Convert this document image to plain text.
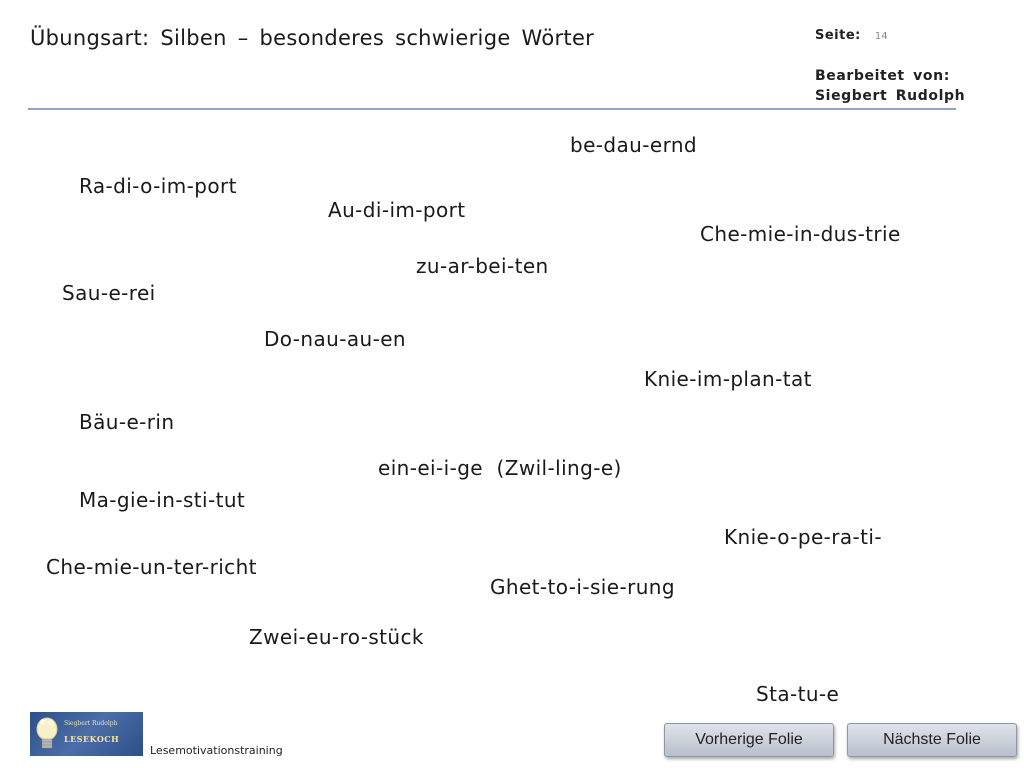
Übungsart: Silben – besonderes schwierige Wörter	Seite: 14
Bearbeitet von:
Siegbert Rudolph
be-dau-ernd
Ra-di-o-im-port
Au-di-im-port
Che-mie-in-dus-trie
zu-ar-bei-ten
Sau-e-rei
Do-nau-au-en
Knie-im-plan-tat
Bäu-e-rin
ein-ei-i-ge  (Zwil-ling-e)
Ma-gie-in-sti-tut
Knie-o-pe-ra-ti-
Che-mie-un-ter-richt
Ghet-to-i-sie-rung
Zwei-eu-ro-stück
Sta-tu-e
Siegbert Rudolph
LESEKOCH
Lesemotivationstraining
Vorherige Folie	Nächste Folie
